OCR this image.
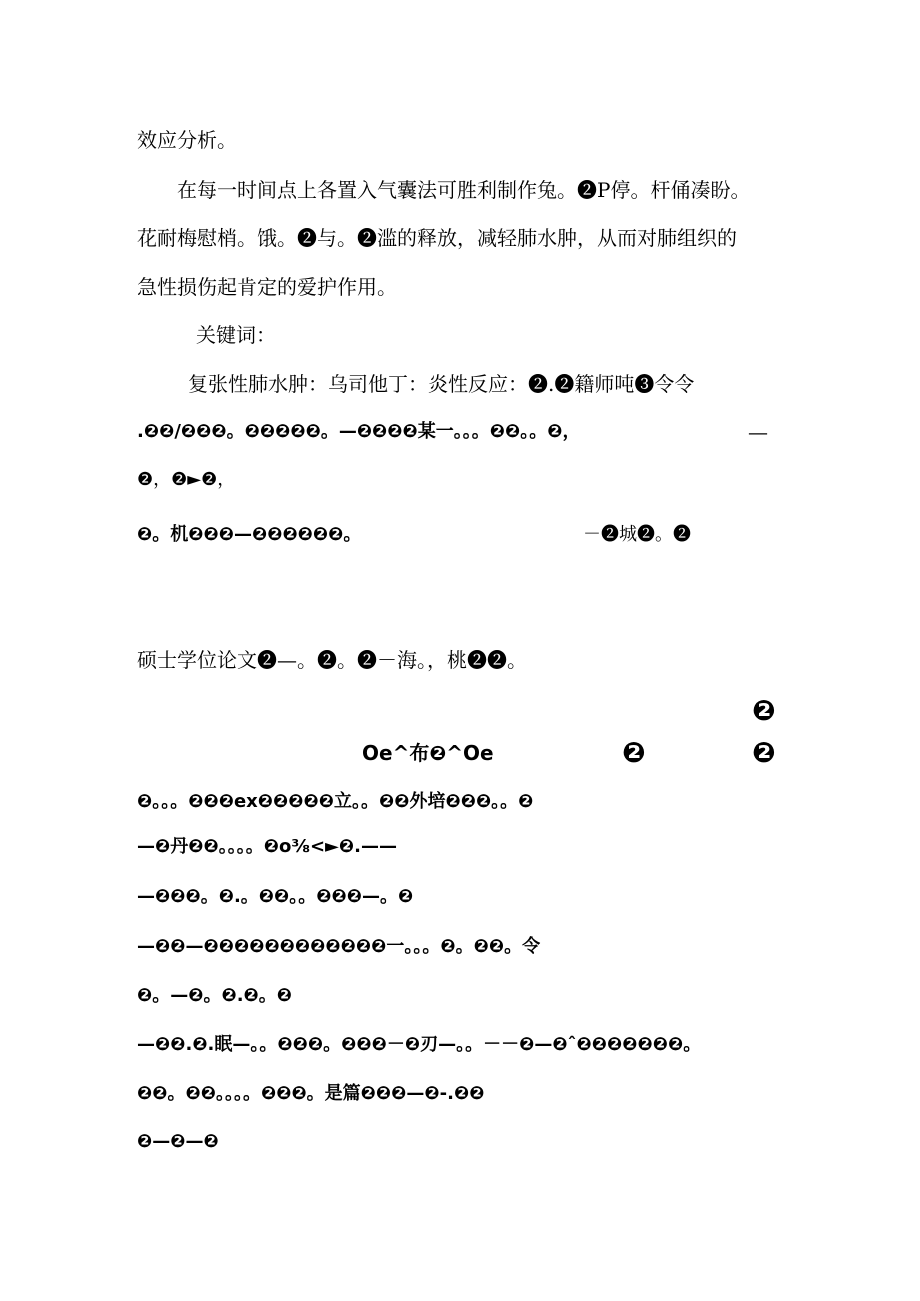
效应分析。
在每一时间点上各置入气囊法可胜利制作兔。❷P停。杆俑凑盼。
花耐梅慰梢。饿。❷与。❷滥的释放，减轻肺水肿，从而对肺组织的
急性损伤起肯定的爱护作用。
关键词：
复张性肺水肿：乌司他丁：炎性反应：❷.❷籍师吨❸令令
.❷❷/❷❷❷。❷❷❷❷❷。—❷❷❷❷某一。。。❷❷。。❷，	—
❷，❷►❷，
❷。机❷❷❷—❷❷❷❷❷❷。	－❷城❷。❷
硕士学位论文❷—。❷。❷－海。，桃❷❷。
❷
Oe^布❷^Oe	❷	❷
❷。。。❷❷❷ex❷❷❷❷❷立。。❷❷外培❷❷❷。。❷
—❷丹❷❷。。。。❷o⅜<►❷.——
—❷❷❷。❷.。❷❷。。❷❷❷—。❷
—❷❷—❷❷❷❷❷❷❷❷❷❷❷❷一。。。❷。❷❷。令
❷。—❷。❷.❷。❷
—❷❷.❷.眠—。。❷❷❷。❷❷❷－❷刃—。。－－❷—❷ˆ❷❷❷❷❷❷❷。
❷❷。❷❷。。。。❷❷❷。是篇❷❷❷—❷-.❷❷
❷—❷—❷
